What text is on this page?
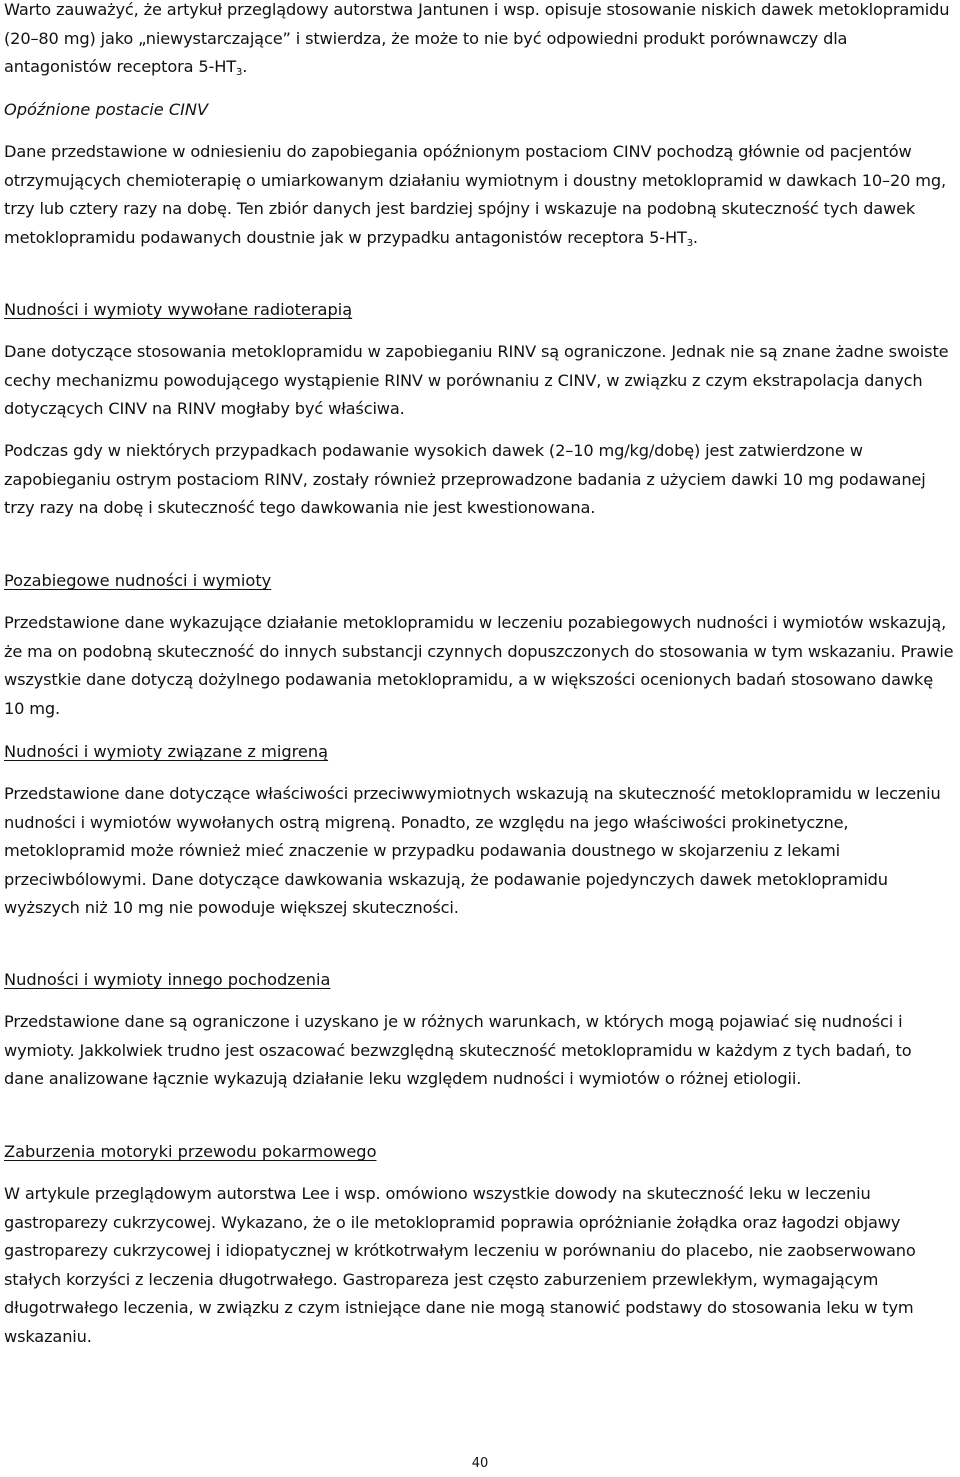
Warto zauważyć, że artykuł przeglądowy autorstwa Jantunen i wsp. opisuje stosowanie niskich dawek metoklopramidu (20–80 mg) jako „niewystarczające” i stwierdza, że może to nie być odpowiedni produkt porównawczy dla antagonistów receptora $5-HT_3$.

Opóźnione postacie CINV

Dane przedstawione w odniesieniu do zapobiegania opóźnionym postaciom CINV pochodzą głównie od pacjentów otrzymujących chemioterapię o umiarkowanym działaniu wymiotnym i doustny metoklopramid w dawkach 10–20 mg, trzy lub cztery razy na dobę. Ten zbiór danych jest bardziej spójny i wskazuje na podobną skuteczność tych dawek metoklopramidu podawanych doustnie jak w przypadku antagonistów receptora $5-HT_3$.

Nudności i wymioty wywołane radioterapią

Dane dotyczące stosowania metoklopramidu w zapobieganiu RINV są ograniczone. Jednak nie są znane żadne swoiste cechy mechanizmu powodującego wystąpienie RINV w porównaniu z CINV, w związku z czym ekstrapolacja danych dotyczących CINV na RINV mogłaby być właściwa.

Podczas gdy w niektórych przypadkach podawanie wysokich dawek (2–10 mg/kg/dobę) jest zatwierdzone w zapobieganiu ostrym postaciom RINV, zostały również przeprowadzone badania z użyciem dawki 10 mg podawanej trzy razy na dobę i skuteczność tego dawkowania nie jest kwestionowana.

Pozabiegowe nudności i wymioty

Przedstawione dane wykazujące działanie metoklopramidu w leczeniu pozabiegowych nudności i wymiotów wskazują, że ma on podobną skuteczność do innych substancji czynnych dopuszczonych do stosowania w tym wskazaniu. Prawie wszystkie dane dotyczą dożylnego podawania metoklopramidu, a w większości ocenionych badań stosowano dawkę 10 mg.

Nudności i wymioty związane z migreną

Przedstawione dane dotyczące właściwości przeciwwymiotnych wskazują na skuteczność metoklopramidu w leczeniu nudności i wymiotów wywołanych ostrą migreną. Ponadto, ze względu na jego właściwości prokinetyczne, metoklopramid może również mieć znaczenie w przypadku podawania doustnego w skojarzeniu z lekami przeciwbólowymi. Dane dotyczące dawkowania wskazują, że podawanie pojedynczych dawek metoklopramidu wyższych niż 10 mg nie powoduje większej skuteczności.

Nudności i wymioty innego pochodzenia

Przedstawione dane są ograniczone i uzyskano je w różnych warunkach, w których mogą pojawiać się nudności i wymioty. Jakkolwiek trudno jest oszacować bezwzględną skuteczność metoklopramidu w każdym z tych badań, to dane analizowane łącznie wykazują działanie leku względem nudności i wymiotów o różnej etiologii.

Zaburzenia motoryki przewodu pokarmowego

W artykule przeglądowym autorstwa Lee i wsp. omówiono wszystkie dowody na skuteczność leku w leczeniu gastroparezy cukrzycowej. Wykazano, że o ile metoklopramid poprawia opróżnianie żołądka oraz łagodzi objawy gastroparezy cukrzycowej i idiopatycznej w krótkotrwałym leczeniu w porównaniu do placebo, nie zaobserwowano stałych korzyści z leczenia długotrwałego. Gastropareza jest często zaburzeniem przewlekłym, wymagającym długotrwałego leczenia, w związku z czym istniejące dane nie mogą stanowić podstawy do stosowania leku w tym wskazaniu.

40
